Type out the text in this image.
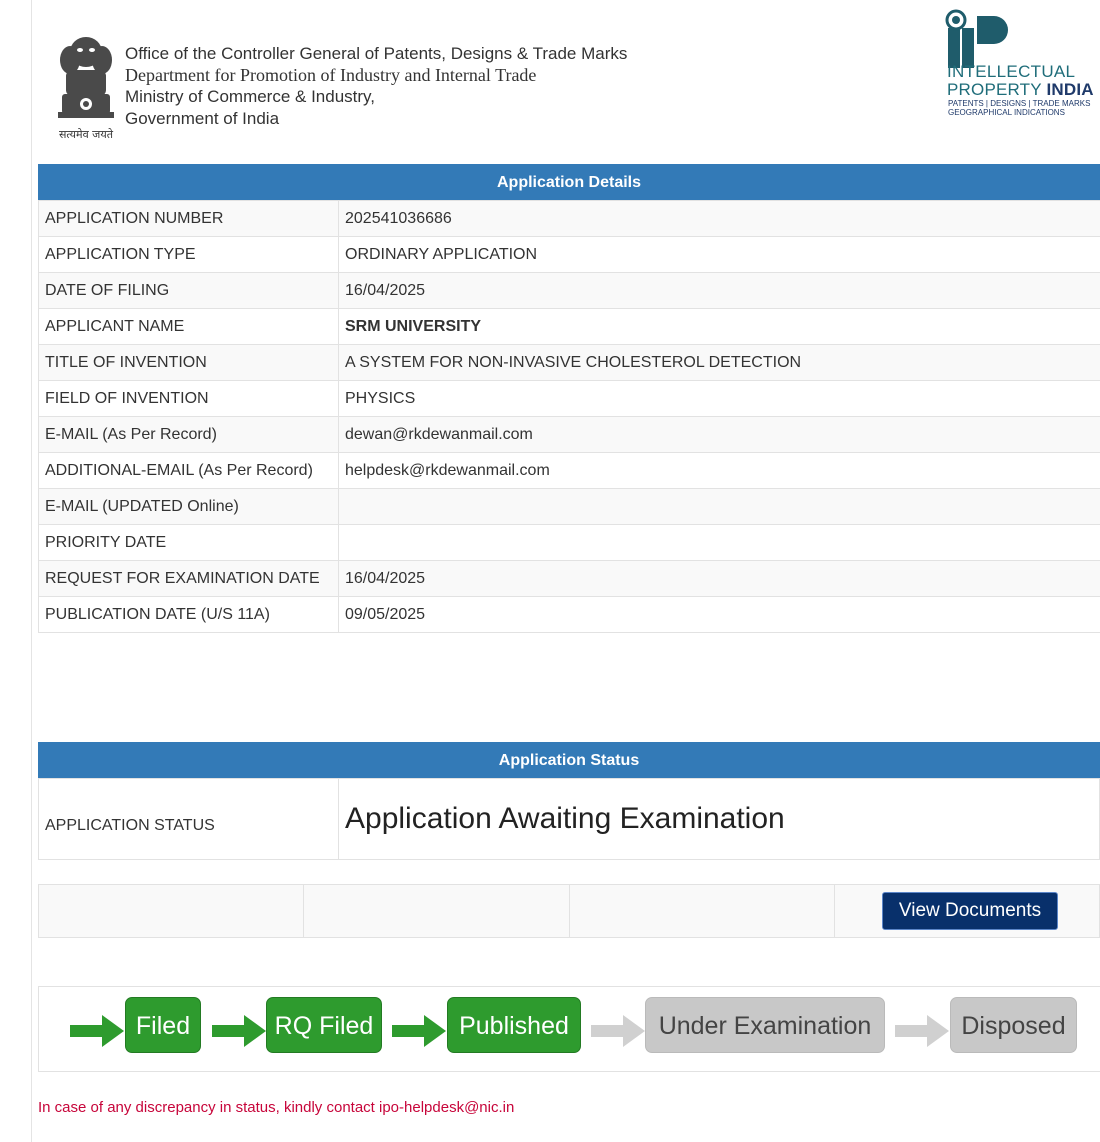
सत्यमेव जयते
Office of the Controller General of Patents, Designs & Trade Marks
Department for Promotion of Industry and Internal Trade
Ministry of Commerce & Industry,
Government of India
INTELLECTUAL
PROPERTY INDIA
PATENTS | DESIGNS | TRADE MARKS
GEOGRAPHICAL INDICATIONS
Application Details
APPLICATION NUMBER	202541036686
APPLICATION TYPE	ORDINARY APPLICATION
DATE OF FILING	16/04/2025
APPLICANT NAME	SRM UNIVERSITY
TITLE OF INVENTION	A SYSTEM FOR NON-INVASIVE CHOLESTEROL DETECTION
FIELD OF INVENTION	PHYSICS
E-MAIL (As Per Record)	dewan@rkdewanmail.com
ADDITIONAL-EMAIL (As Per Record)	helpdesk@rkdewanmail.com
E-MAIL (UPDATED Online)	
PRIORITY DATE	
REQUEST FOR EXAMINATION DATE	16/04/2025
PUBLICATION DATE (U/S 11A)	09/05/2025
Application Status
APPLICATION STATUS	Application Awaiting Examination

View Documents
Filed	RQ Filed	Published	Under Examination	Disposed
In case of any discrepancy in status, kindly contact ipo-helpdesk@nic.in
